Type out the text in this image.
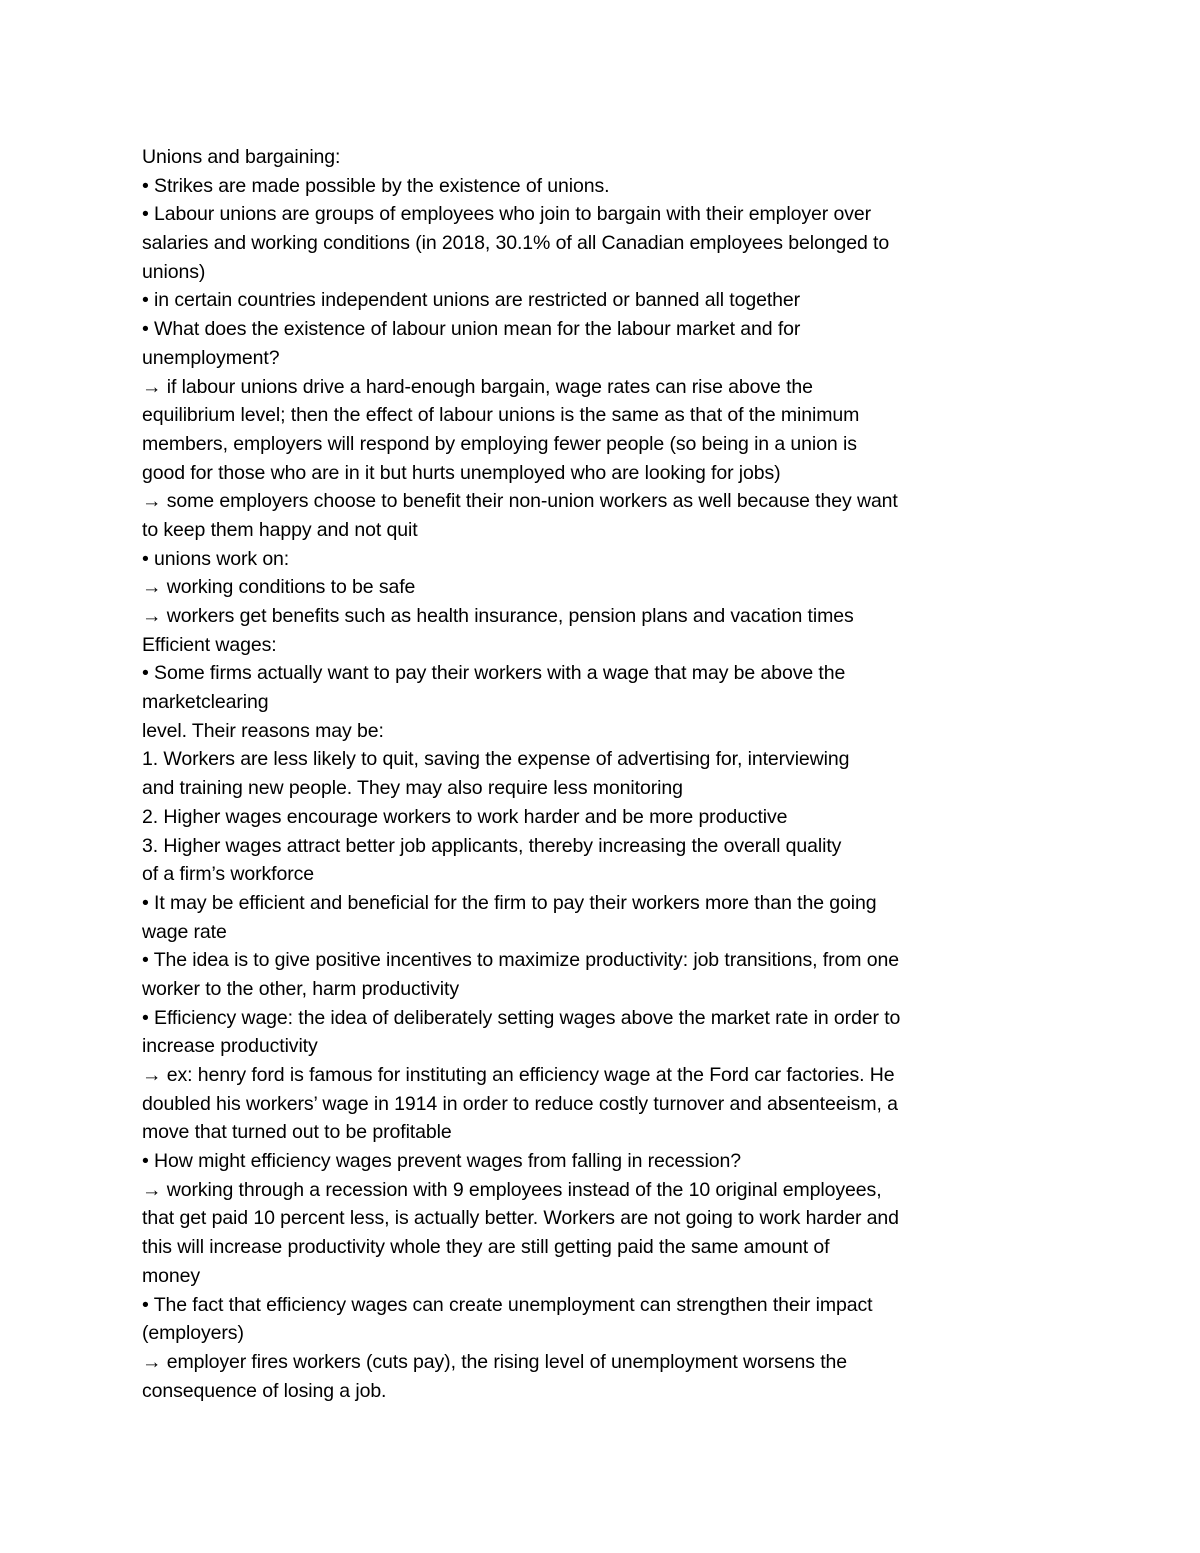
Unions and bargaining:
• Strikes are made possible by the existence of unions.
• Labour unions are groups of employees who join to bargain with their employer over
salaries and working conditions (in 2018, 30.1% of all Canadian employees belonged to
unions)
• in certain countries independent unions are restricted or banned all together
• What does the existence of labour union mean for the labour market and for
unemployment?
→ if labour unions drive a hard-enough bargain, wage rates can rise above the
equilibrium level; then the effect of labour unions is the same as that of the minimum
members, employers will respond by employing fewer people (so being in a union is
good for those who are in it but hurts unemployed who are looking for jobs)
→ some employers choose to benefit their non-union workers as well because they want
to keep them happy and not quit
• unions work on:
→ working conditions to be safe
→ workers get benefits such as health insurance, pension plans and vacation times
Efficient wages:
• Some firms actually want to pay their workers with a wage that may be above the
marketclearing
level. Their reasons may be:
1. Workers are less likely to quit, saving the expense of advertising for, interviewing
and training new people. They may also require less monitoring
2. Higher wages encourage workers to work harder and be more productive
3. Higher wages attract better job applicants, thereby increasing the overall quality
of a firm’s workforce
• It may be efficient and beneficial for the firm to pay their workers more than the going
wage rate
• The idea is to give positive incentives to maximize productivity: job transitions, from one
worker to the other, harm productivity
• Efficiency wage: the idea of deliberately setting wages above the market rate in order to
increase productivity
→ ex: henry ford is famous for instituting an efficiency wage at the Ford car factories. He
doubled his workers’ wage in 1914 in order to reduce costly turnover and absenteeism, a
move that turned out to be profitable
• How might efficiency wages prevent wages from falling in recession?
→ working through a recession with 9 employees instead of the 10 original employees,
that get paid 10 percent less, is actually better. Workers are not going to work harder and
this will increase productivity whole they are still getting paid the same amount of
money
• The fact that efficiency wages can create unemployment can strengthen their impact
(employers)
→ employer fires workers (cuts pay), the rising level of unemployment worsens the
consequence of losing a job.
